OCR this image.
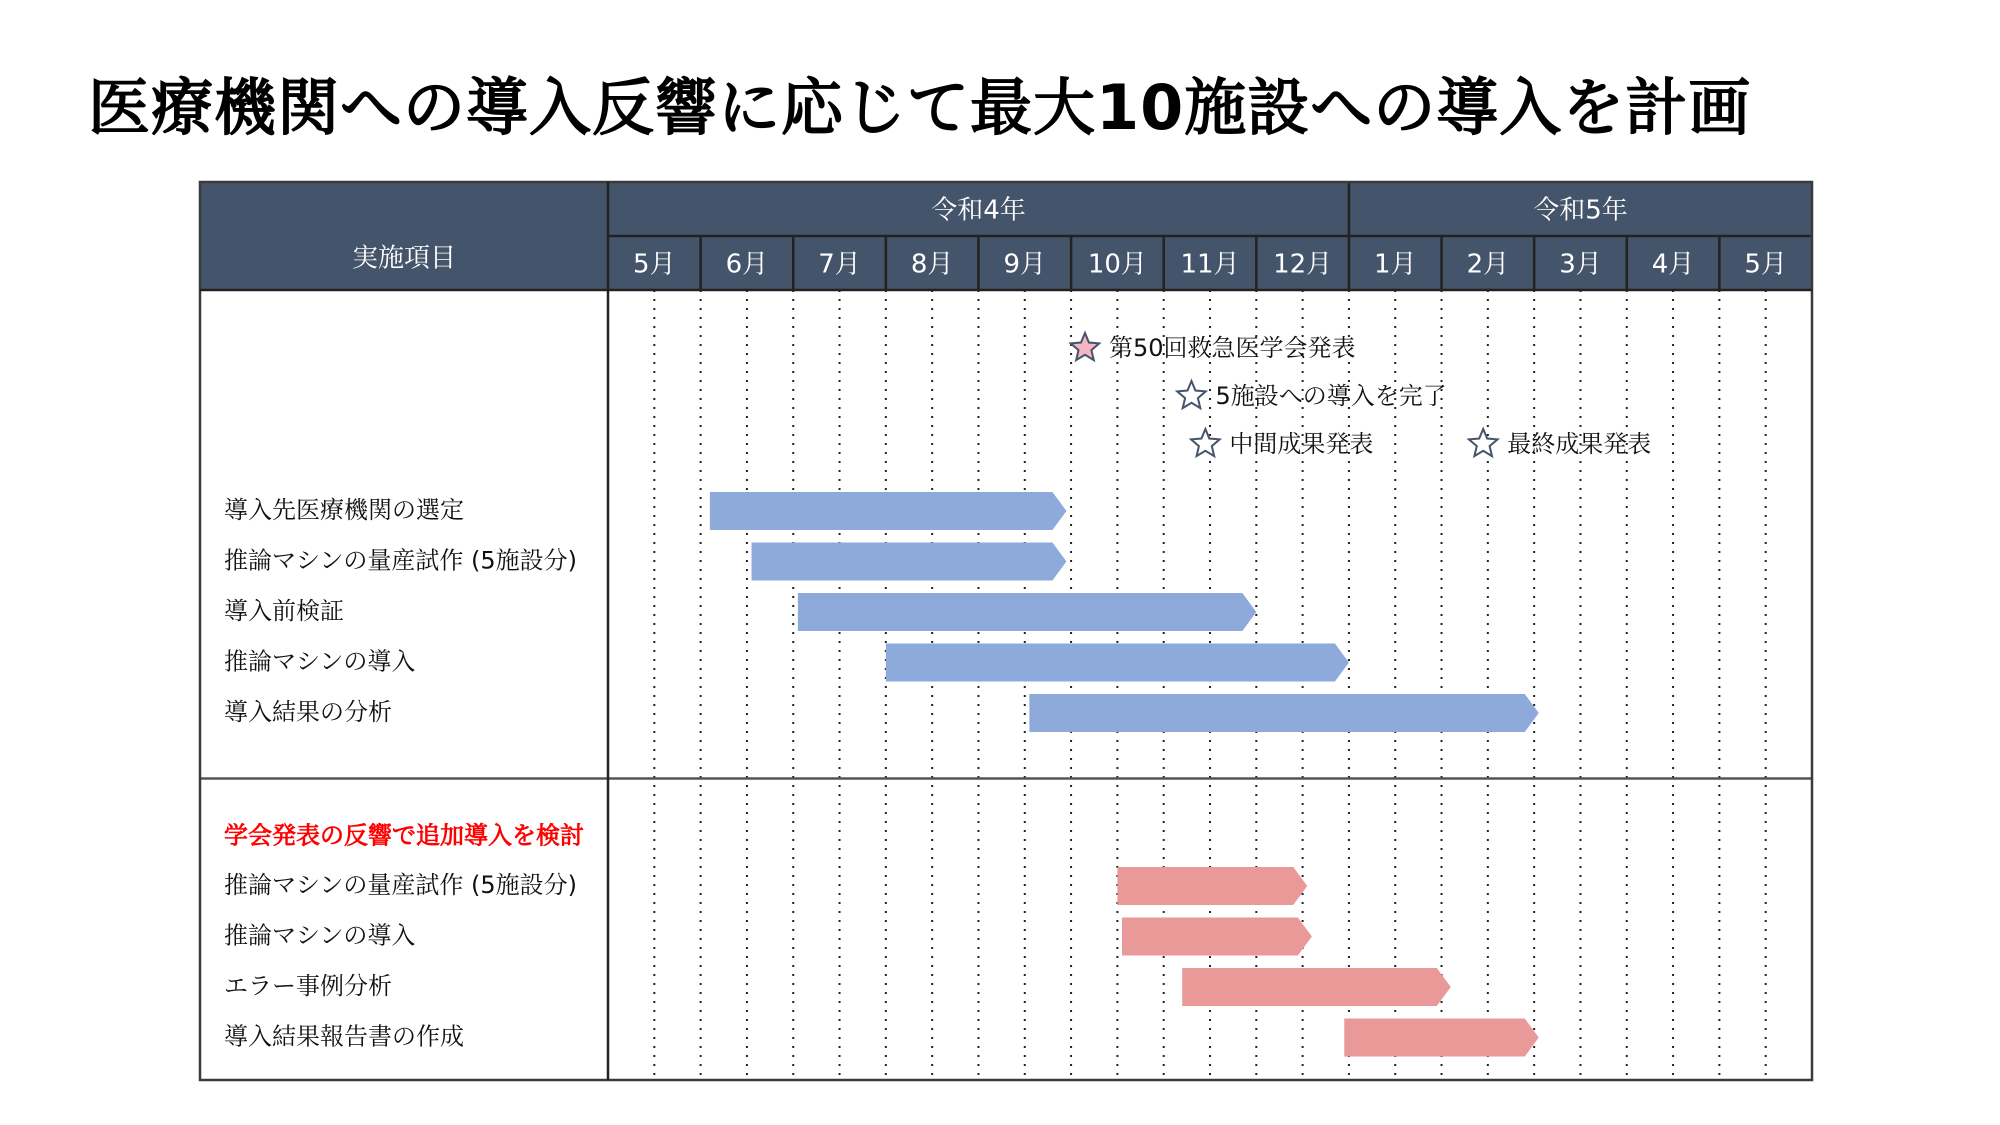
医療機関への導入反響に応じて最大10施設への導入を計画
実施項目
令和4年	令和5年
5月 6月 7月 8月 9月 10月 11月 12月 1月 2月 3月 4月 5月
第50回救急医学会発表
5施設への導入を完了
中間成果発表	最終成果発表
導入先医療機関の選定
推論マシンの量産試作 (5施設分)
導入前検証
推論マシンの導入
導入結果の分析
学会発表の反響で追加導入を検討
推論マシンの量産試作 (5施設分)
推論マシンの導入
エラー事例分析
導入結果報告書の作成
